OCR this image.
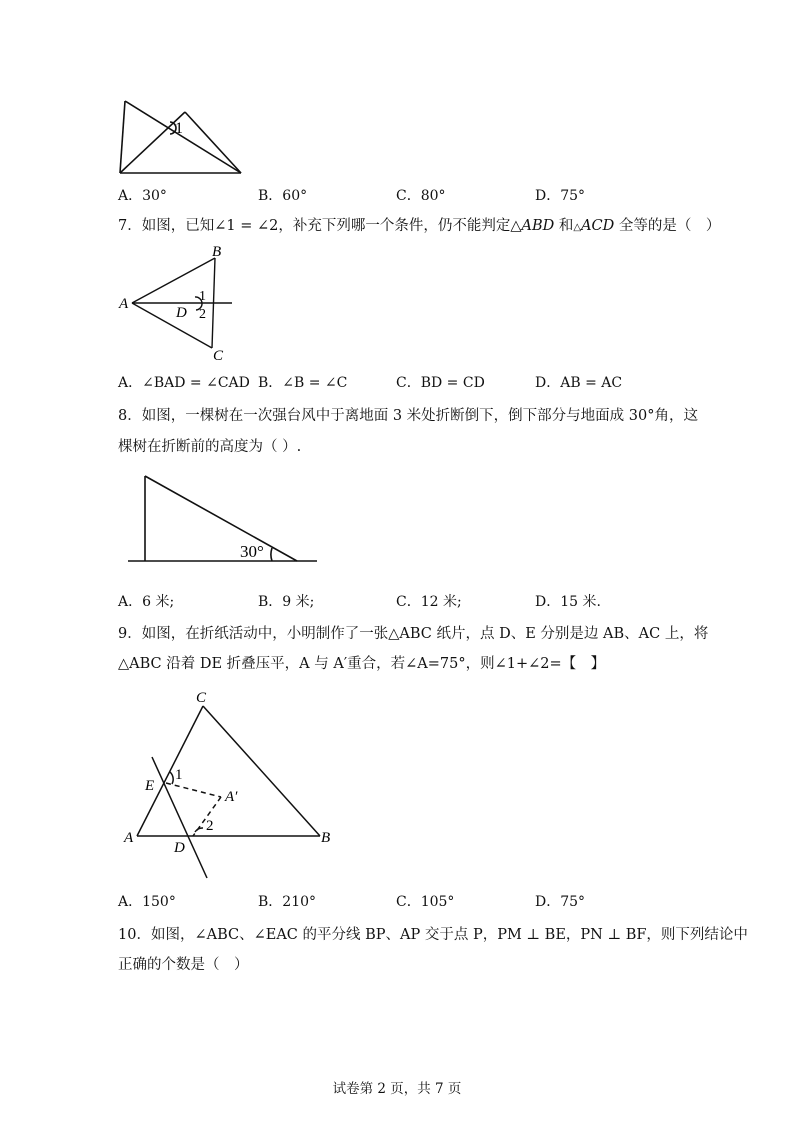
1
A．30°	B．60°	C．80°	D．75°
7．如图，已知∠1 = ∠2，补充下列哪一个条件，仍不能判定△ABD 和△ACD 全等的是（　）
A
B
C
D
1
2
A．∠BAD = ∠CAD B．∠B = ∠C	C．BD = CD	D．AB = AC
8．如图，一棵树在一次强台风中于离地面 3 米处折断倒下，倒下部分与地面成 30°角，这
棵树在折断前的高度为（ ）.
30°
A．6 米;	B．9 米;	C．12 米;	D．15 米.
9．如图，在折纸活动中，小明制作了一张△ABC 纸片，点 D、E 分别是边 AB、AC 上，将
△ABC 沿着 DE 折叠压平，A 与 A′重合，若∠A=75°，则∠1+∠2=【　】
C
E
A′
A
D
B
1
2
A．150°	B．210°	C．105°	D．75°
10．如图，∠ABC、∠EAC 的平分线 BP、AP 交于点 P，PM ⊥ BE，PN ⊥ BF，则下列结论中
正确的个数是（　）
试卷第 2 页，共 7 页
